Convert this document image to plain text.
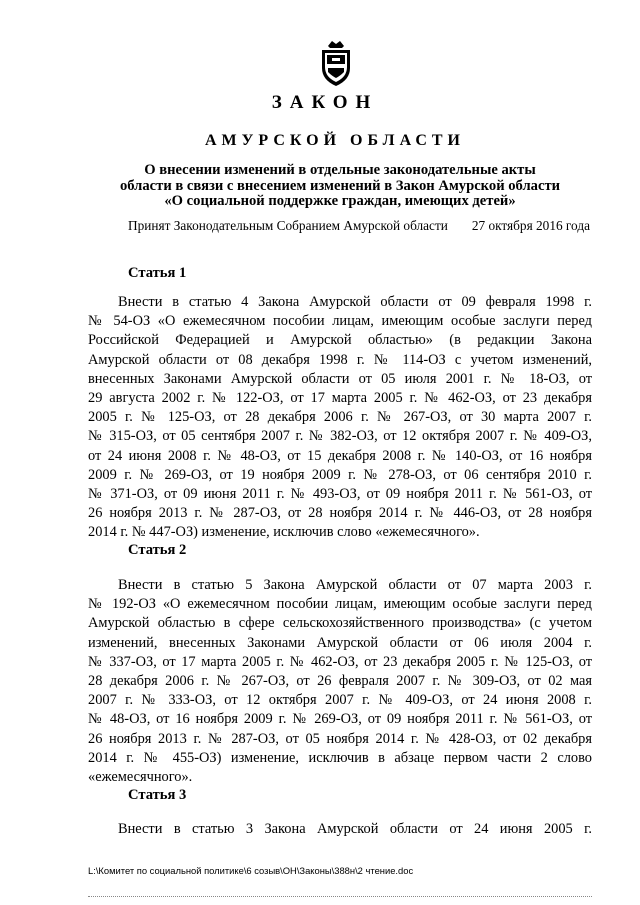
ЗАКОН
АМУРСКОЙ ОБЛАСТИ
О внесении изменений в отдельные законодательные акты
области в связи с внесением изменений в Закон Амурской области
«О социальной поддержке граждан, имеющих детей»
Принят Законодательным Собранием Амурской области 27 октября 2016 года
Статья 1
Внести в статью 4 Закона Амурской области от 09 февраля 1998 г.
№ 54-ОЗ «О ежемесячном пособии лицам, имеющим особые заслуги перед
Российской Федерацией и Амурской областью» (в редакции Закона
Амурской области от 08 декабря 1998 г. № 114-ОЗ с учетом изменений,
внесенных Законами Амурской области от 05 июля 2001 г. № 18-ОЗ, от
29 августа 2002 г. № 122-ОЗ, от 17 марта 2005 г. № 462-ОЗ, от 23 декабря
2005 г. № 125-ОЗ, от 28 декабря 2006 г. № 267-ОЗ, от 30 марта 2007 г.
№ 315-ОЗ, от 05 сентября 2007 г. № 382-ОЗ, от 12 октября 2007 г. № 409-ОЗ,
от 24 июня 2008 г. № 48-ОЗ, от 15 декабря 2008 г. № 140-ОЗ, от 16 ноября
2009 г. № 269-ОЗ, от 19 ноября 2009 г. № 278-ОЗ, от 06 сентября 2010 г.
№ 371-ОЗ, от 09 июня 2011 г. № 493-ОЗ, от 09 ноября 2011 г. № 561-ОЗ, от
26 ноября 2013 г. № 287-ОЗ, от 28 ноября 2014 г. № 446-ОЗ, от 28 ноября
2014 г. № 447-ОЗ) изменение, исключив слово «ежемесячного».
Статья 2
Внести в статью 5 Закона Амурской области от 07 марта 2003 г.
№ 192-ОЗ «О ежемесячном пособии лицам, имеющим особые заслуги перед
Амурской областью в сфере сельскохозяйственного производства» (с учетом
изменений, внесенных Законами Амурской области от 06 июля 2004 г.
№ 337-ОЗ, от 17 марта 2005 г. № 462-ОЗ, от 23 декабря 2005 г. № 125-ОЗ, от
28 декабря 2006 г. № 267-ОЗ, от 26 февраля 2007 г. № 309-ОЗ, от 02 мая
2007 г. № 333-ОЗ, от 12 октября 2007 г. № 409-ОЗ, от 24 июня 2008 г.
№ 48-ОЗ, от 16 ноября 2009 г. № 269-ОЗ, от 09 ноября 2011 г. № 561-ОЗ, от
26 ноября 2013 г. № 287-ОЗ, от 05 ноября 2014 г. № 428-ОЗ, от 02 декабря
2014 г. № 455-ОЗ) изменение, исключив в абзаце первом части 2 слово
«ежемесячного».
Статья 3
Внести в статью 3 Закона Амурской области от 24 июня 2005 г.
L:\Комитет по социальной политике\6 созыв\ОН\Законы\388н\2 чтение.doc
